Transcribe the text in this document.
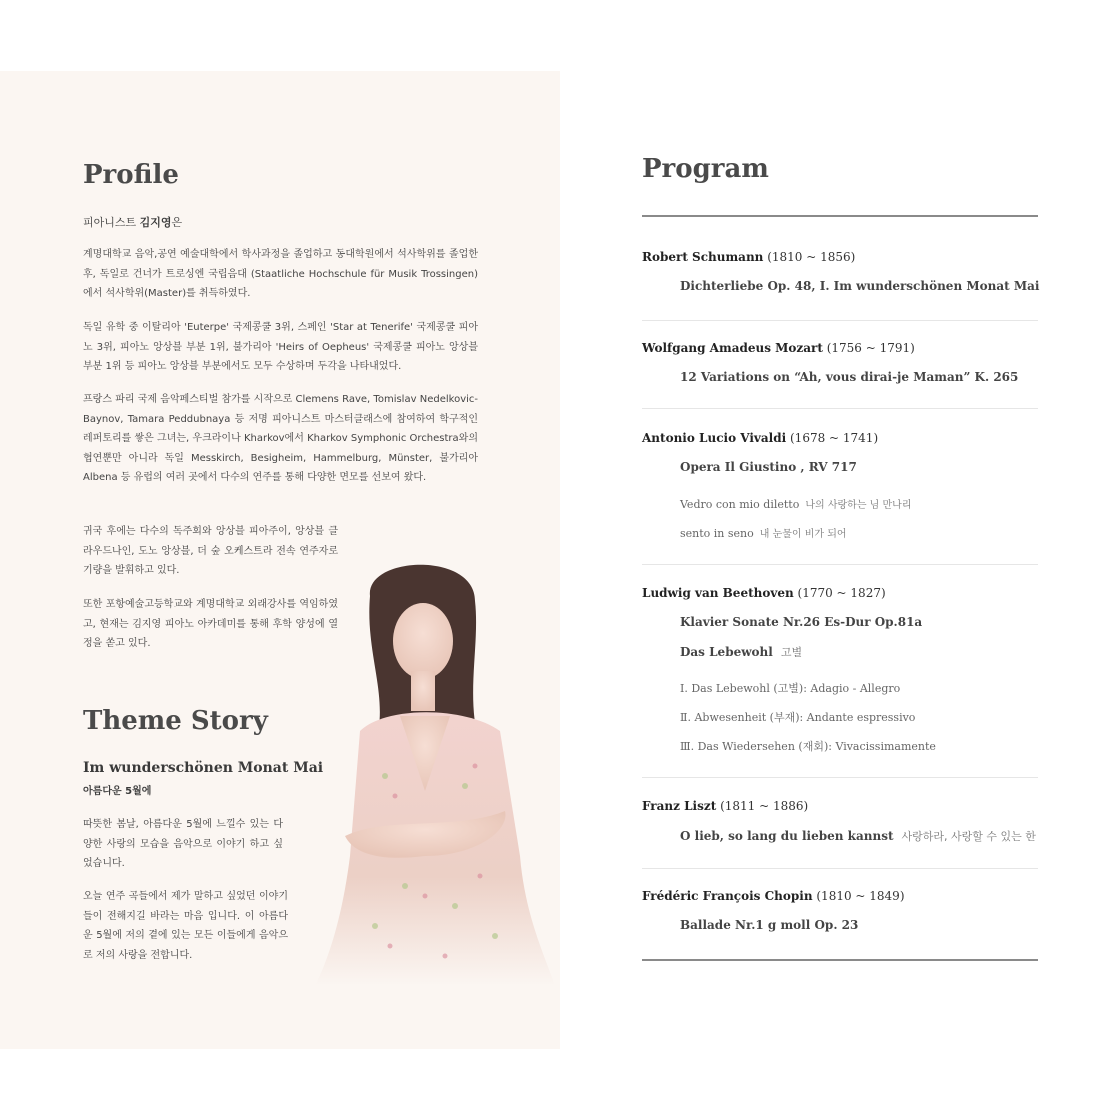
Profile
피아니스트 김지영은

계명대학교 음악,공연 예술대학에서 학사과정을 졸업하고 동대학원에서 석사학위를 졸업한 후, 독일로 건너가 트로싱엔 국립음대 (Staatliche Hochschule für Musik Trossingen)에서 석사학위(Master)를 취득하였다.

독일 유학 중 이탈리아 'Euterpe' 국제콩쿨 3위, 스페인 'Star at Tenerife' 국제콩쿨 피아노 3위, 피아노 앙상블 부분 1위, 불가리아 'Heirs of Oepheus' 국제콩쿨 피아노 앙상블 부분 1위 등 피아노 앙상블 부분에서도 모두 수상하며 두각을 나타내었다.

프랑스 파리 국제 음악페스티벌 참가를 시작으로 Clemens Rave, Tomislav Nedelkovic-Baynov, Tamara Peddubnaya 등 저명 피아니스트 마스터클래스에 참여하여 학구적인 레퍼토리를 쌓은 그녀는, 우크라이나 Kharkov에서 Kharkov Symphonic Orchestra와의 협연뿐만 아니라 독일 Messkirch, Besigheim, Hammelburg, Münster, 불가리아 Albena 등 유럽의 여러 곳에서 다수의 연주를 통해 다양한 면모를 선보여 왔다.

귀국 후에는 다수의 독주회와 앙상블 피아주이, 앙상블 클라우드나인, 도노 앙상블, 더 숲 오케스트라 전속 연주자로 기량을 발휘하고 있다.

또한 포항예술고등학교와 계명대학교 외래강사를 역임하였고, 현재는 김지영 피아노 아카데미를 통해 후학 양성에 열정을 쏟고 있다.

Theme Story

Im wunderschönen Monat Mai

아름다운 5월에

따뜻한 봄날, 아름다운 5월에 느낄수 있는 다양한 사랑의 모습을 음악으로 이야기 하고 싶었습니다.

오늘 연주 곡들에서 제가 말하고 싶었던 이야기들이 전해지길 바라는 마음 입니다. 이 아름다운 5월에 저의 곁에 있는 모든 이들에게 음악으로 저의 사랑을 전합니다.

Program

Robert Schumann (1810 ~ 1856)

Dichterliebe Op. 48, Ⅰ. Im wunderschönen Monat Mai

Wolfgang Amadeus Mozart (1756 ~ 1791)

12 Variations on “Ah, vous dirai-je Maman” K. 265

Antonio Lucio Vivaldi (1678 ~ 1741)

Opera Il Giustino , RV 717

Vedro con mio diletto 나의 사랑하는 님 만나리

sento in seno 내 눈물이 비가 되어

Ludwig van Beethoven (1770 ~ 1827)

Klavier Sonate Nr.26 Es-Dur Op.81a

Das Lebewohl 고별

Ⅰ. Das Lebewohl (고별): Adagio - Allegro

Ⅱ. Abwesenheit (부재): Andante espressivo

Ⅲ. Das Wiedersehen (재회): Vivacissimamente

Franz Liszt (1811 ~ 1886)

O lieb, so lang du lieben kannst 사랑하라, 사랑할 수 있는 한

Frédéric François Chopin (1810 ~ 1849)

Ballade Nr.1 g moll Op. 23
